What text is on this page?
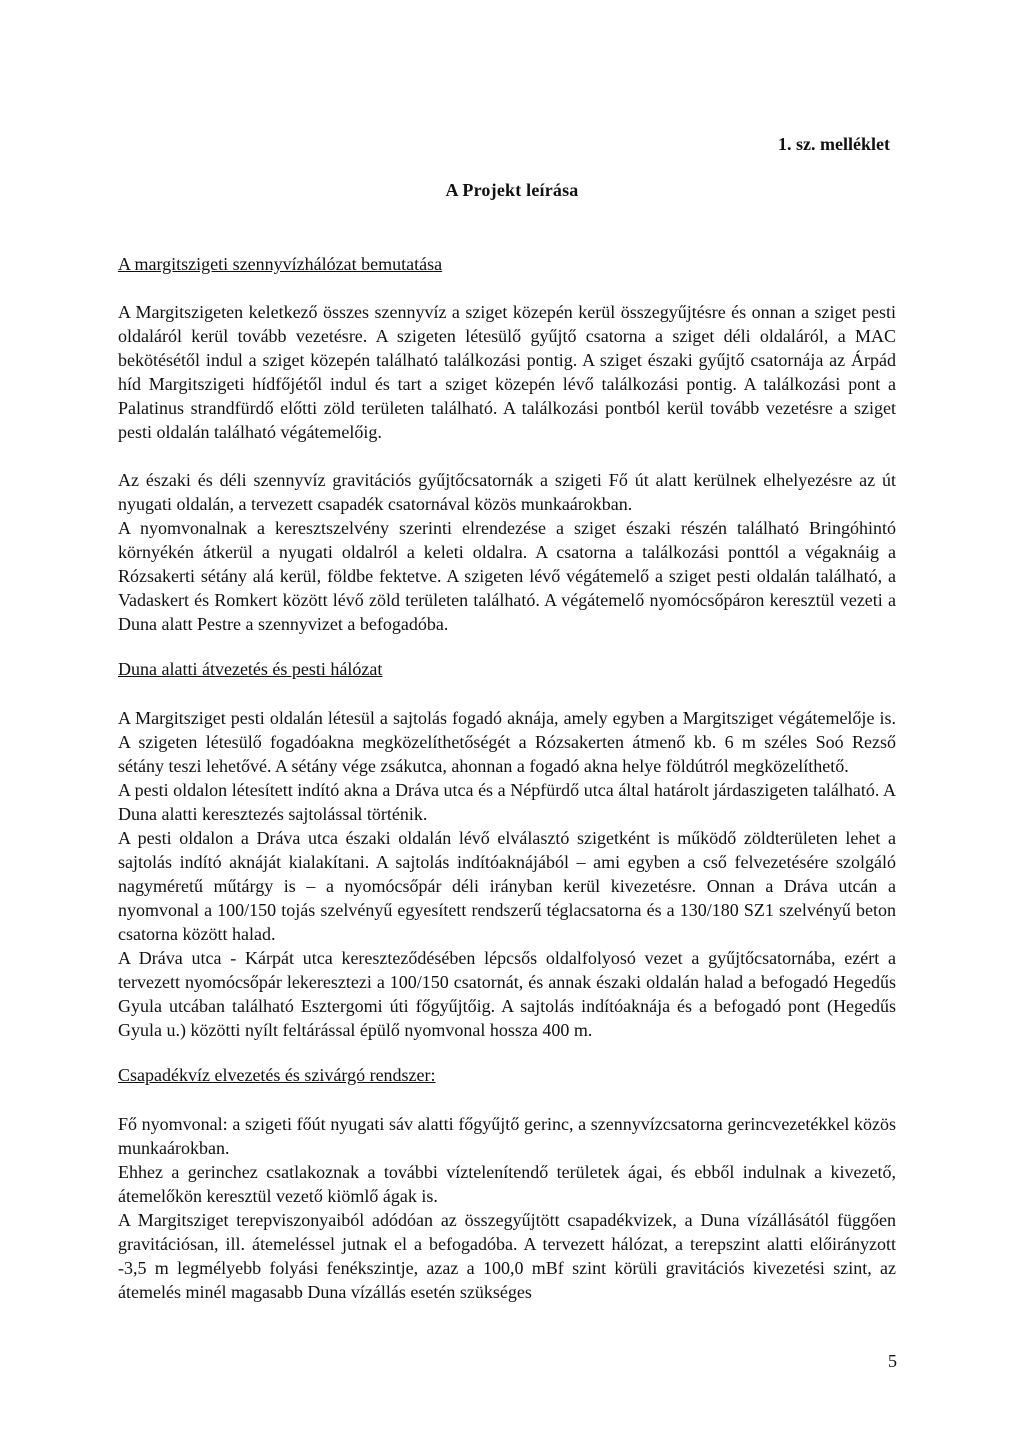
1. sz. melléklet
A Projekt leírása

A margitszigeti szennyvízhálózat bemutatása

A Margitszigeten keletkező összes szennyvíz a sziget közepén kerül összegyűjtésre és onnan a sziget pesti oldaláról kerül tovább vezetésre. A szigeten létesülő gyűjtő csatorna a sziget déli oldaláról, a MAC bekötésétől indul a sziget közepén található találkozási pontig. A sziget északi gyűjtő csatornája az Árpád híd Margitszigeti hídfőjétől indul és tart a sziget közepén lévő találkozási pontig. A találkozási pont a Palatinus strandfürdő előtti zöld területen található. A találkozási pontból kerül tovább vezetésre a sziget pesti oldalán található végátemelőig.

Az északi és déli szennyvíz gravitációs gyűjtőcsatornák a szigeti Fő út alatt kerülnek elhelyezésre az út nyugati oldalán, a tervezett csapadék csatornával közös munkaárokban.

A nyomvonalnak a keresztszelvény szerinti elrendezése a sziget északi részén található Bringóhintó környékén átkerül a nyugati oldalról a keleti oldalra. A csatorna a találkozási ponttól a végaknáig a Rózsakerti sétány alá kerül, földbe fektetve. A szigeten lévő végátemelő a sziget pesti oldalán található, a Vadaskert és Romkert között lévő zöld területen található. A végátemelő nyomócsőpáron keresztül vezeti a Duna alatt Pestre a szennyvizet a befogadóba.

Duna alatti átvezetés és pesti hálózat

A Margitsziget pesti oldalán létesül a sajtolás fogadó aknája, amely egyben a Margitsziget végátemelője is. A szigeten létesülő fogadóakna megközelíthetőségét a Rózsakerten átmenő kb. 6 m széles Soó Rezső sétány teszi lehetővé. A sétány vége zsákutca, ahonnan a fogadó akna helye földútról megközelíthető.

A pesti oldalon létesített indító akna a Dráva utca és a Népfürdő utca által határolt járdaszigeten található. A Duna alatti keresztezés sajtolással történik.

A pesti oldalon a Dráva utca északi oldalán lévő elválasztó szigetként is működő zöldterületen lehet a sajtolás indító aknáját kialakítani. A sajtolás indítóaknájából – ami egyben a cső felvezetésére szolgáló nagyméretű műtárgy is – a nyomócsőpár déli irányban kerül kivezetésre. Onnan a Dráva utcán a nyomvonal a 100/150 tojás szelvényű egyesített rendszerű téglacsatorna és a 130/180 SZ1 szelvényű beton csatorna között halad.

A Dráva utca - Kárpát utca kereszteződésében lépcsős oldalfolyosó vezet a gyűjtőcsatornába, ezért a tervezett nyomócsőpár lekeresztezi a 100/150 csatornát, és annak északi oldalán halad a befogadó Hegedűs Gyula utcában található Esztergomi úti főgyűjtőig. A sajtolás indítóaknája és a befogadó pont (Hegedűs Gyula u.) közötti nyílt feltárással épülő nyomvonal hossza 400 m.

Csapadékvíz elvezetés és szivárgó rendszer:

Fő nyomvonal: a szigeti főút nyugati sáv alatti főgyűjtő gerinc, a szennyvízcsatorna gerincvezetékkel közös munkaárokban.

Ehhez a gerinchez csatlakoznak a további víztelenítendő területek ágai, és ebből indulnak a kivezető, átemelőkön keresztül vezető kiömlő ágak is.

A Margitsziget terepviszonyaiból adódóan az összegyűjtött csapadékvizek, a Duna vízállásától függően gravitációsan, ill. átemeléssel jutnak el a befogadóba. A tervezett hálózat, a terepszint alatti előirányzott -3,5 m legmélyebb folyási fenékszintje, azaz a 100,0 mBf szint körüli gravitációs kivezetési szint, az átemelés minél magasabb Duna vízállás esetén szükséges

5
